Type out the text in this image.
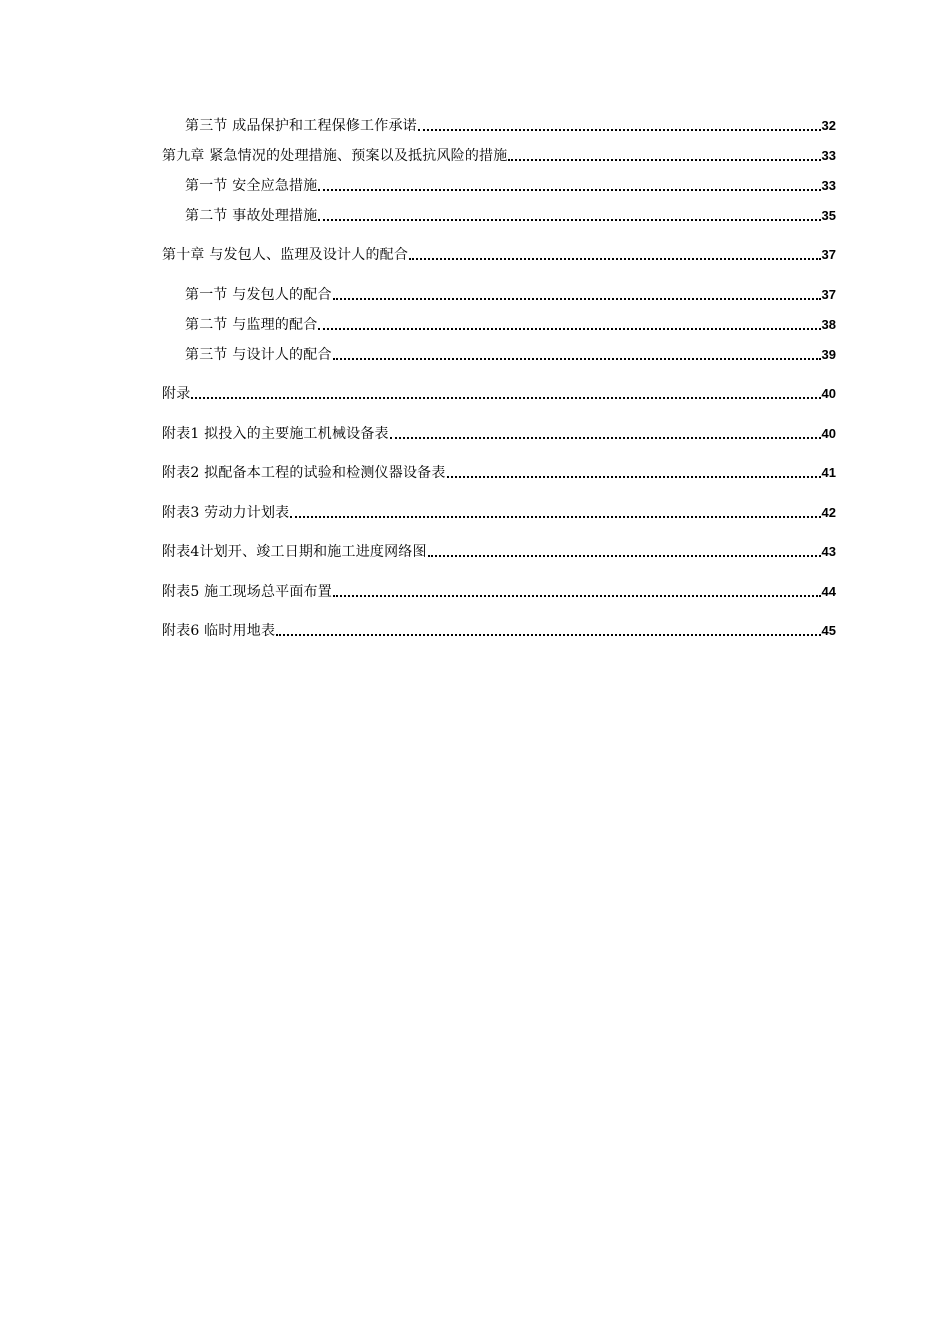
第三节 成品保护和工程保修工作承诺	32
第九章 紧急情况的处理措施、预案以及抵抗风险的措施	33
第一节 安全应急措施	33
第二节 事故处理措施	35
第十章 与发包人、监理及设计人的配合	37
第一节 与发包人的配合	37
第二节 与监理的配合	38
第三节 与设计人的配合	39
附录	40
附表1 拟投入的主要施工机械设备表	40
附表2 拟配备本工程的试验和检测仪器设备表	41
附表3 劳动力计划表	42
附表4计划开、竣工日期和施工进度网络图	43
附表5 施工现场总平面布置	44
附表6 临时用地表	45
